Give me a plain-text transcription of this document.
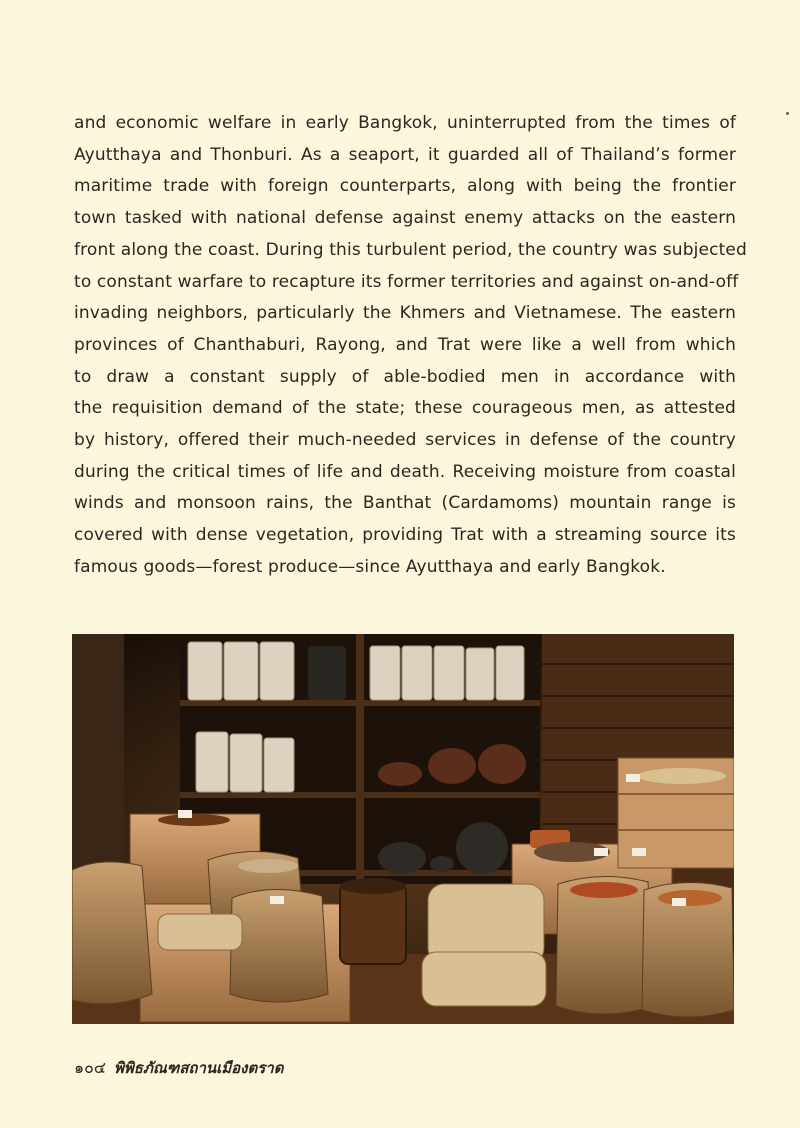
and economic welfare in early Bangkok, uninterrupted from the times of
Ayutthaya and Thonburi. As a seaport, it guarded all of Thailand’s former
maritime trade with foreign counterparts, along with being the frontier
town tasked with national defense against enemy attacks on the eastern
front along the coast. During this turbulent period, the country was subjected
to constant warfare to recapture its former territories and against on-and-off
invading neighbors, particularly the Khmers and Vietnamese. The eastern
provinces of Chanthaburi, Rayong, and Trat were like a well from which
to draw a constant supply of able-bodied men in accordance with
the requisition demand of the state; these courageous men, as attested
by history, offered their much-needed services in defense of the country
during the critical times of life and death. Receiving moisture from coastal
winds and monsoon rains, the Banthat (Cardamoms) mountain range is
covered with dense vegetation, providing Trat with a streaming source its
famous goods—forest produce—since Ayutthaya and early Bangkok.

๑๐๔ พิพิธภัณฑสถานเมืองตราด
